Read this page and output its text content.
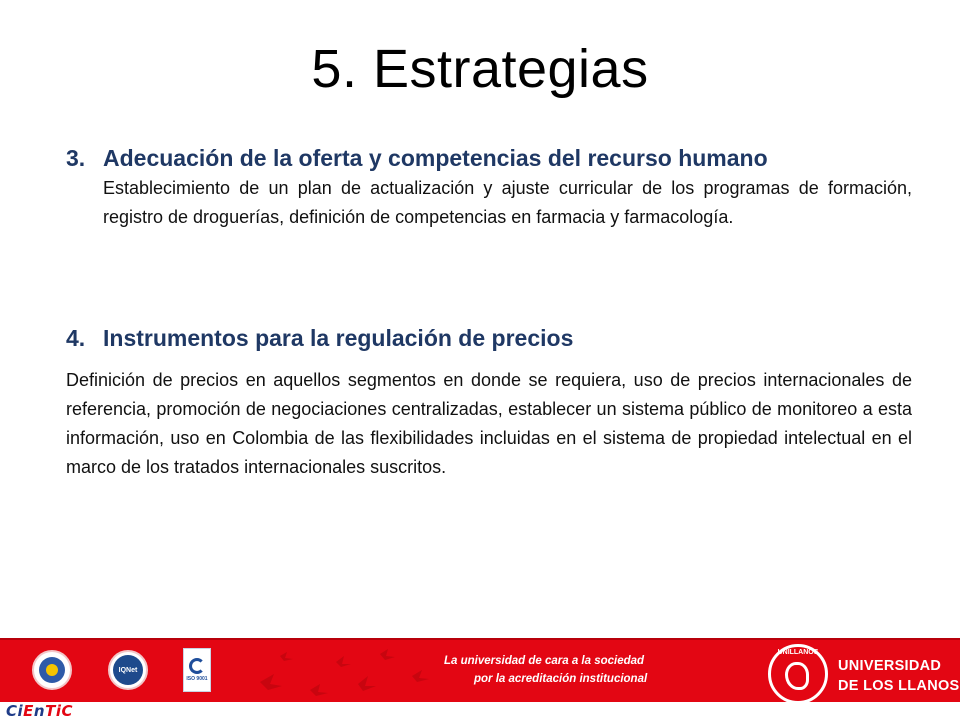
5. Estrategias
3. Adecuación de la oferta y competencias del recurso humano
Establecimiento de un plan de actualización y ajuste curricular de los programas de formación, registro de droguerías, definición de competencias en farmacia y farmacología.
4. Instrumentos para la regulación de precios
Definición de precios en aquellos segmentos en donde se requiera, uso de precios internacionales de referencia, promoción de negociaciones centralizadas, establecer un sistema público de monitoreo a esta información, uso en Colombia de las flexibilidades incluidas en el sistema de propiedad intelectual en el marco de los tratados internacionales suscritos.
IQNet
ISO 9001
La universidad de cara a la sociedad
por la acreditación institucional
UNILLANOS
UNIVERSIDAD
DE LOS LLANOS
CiEnTiC
